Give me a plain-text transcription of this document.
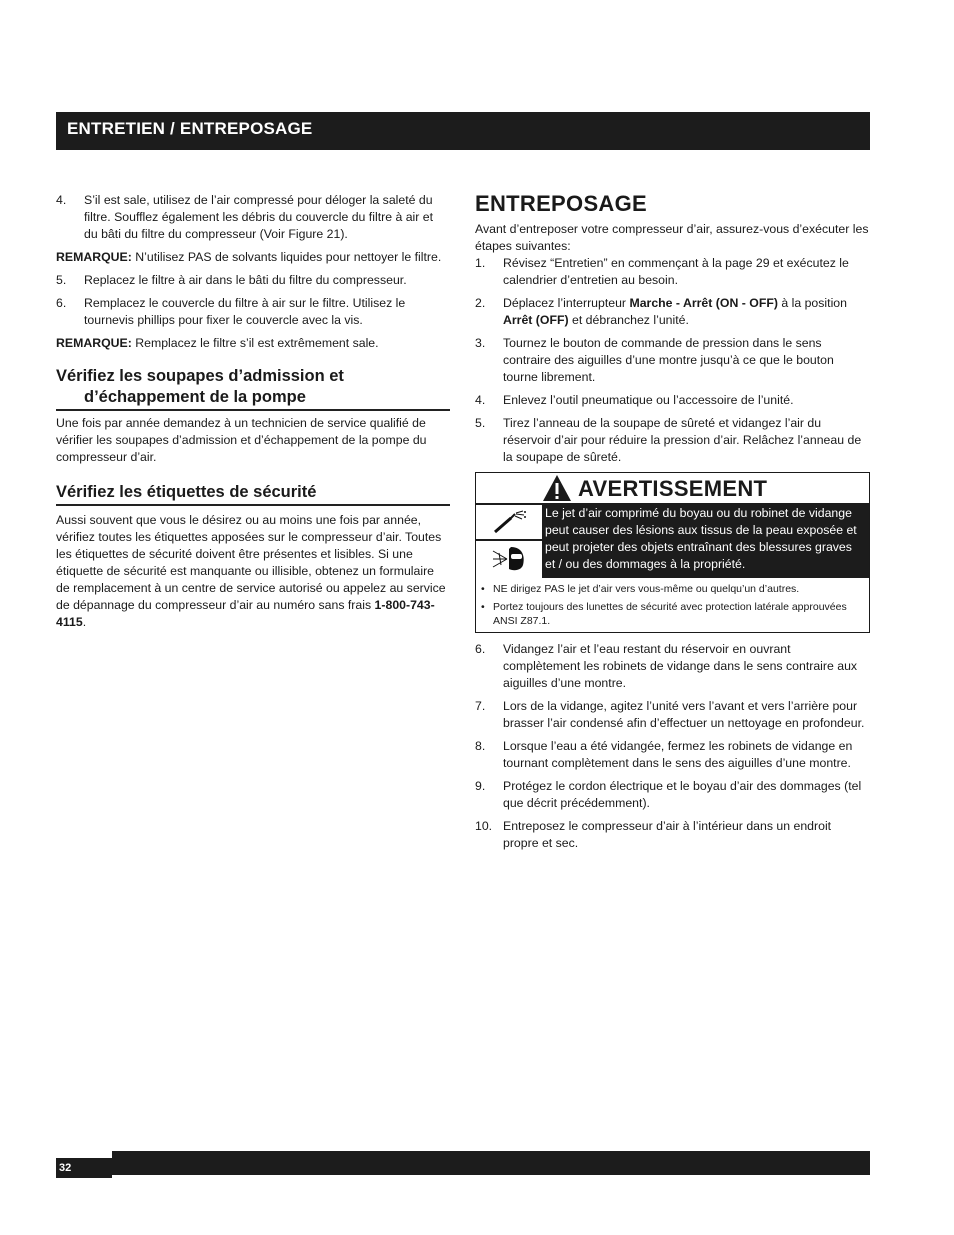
ENTRETIEN / ENTREPOSAGE
4. S’il est sale, utilisez de l’air compressé pour déloger la saleté du filtre. Soufflez également les débris du couvercle du filtre à air et du bâti du filtre du compresseur (Voir Figure 21).

REMARQUE: N’utilisez PAS de solvants liquides pour nettoyer le filtre.

5. Replacez le filtre à air dans le bâti du filtre du compresseur.
6. Remplacez le couvercle du filtre à air sur le filtre. Utilisez le tournevis phillips pour fixer le couvercle avec la vis.

REMARQUE: Remplacez le filtre s’il est extrêmement sale.

Vérifiez les soupapes d’admission et
d’échappement de la pompe

Une fois par année demandez à un technicien de service qualifié de vérifier les soupapes d’admission et d’échappement de la pompe du compresseur d’air.

Vérifiez les étiquettes de sécurité

Aussi souvent que vous le désirez ou au moins une fois par année, vérifiez toutes les étiquettes apposées sur le compresseur d’air. Toutes les étiquettes de sécurité doivent être présentes et lisibles. Si une étiquette de sécurité est manquante ou illisible, obtenez un formulaire de remplacement à un centre de service autorisé ou appelez au service de dépannage du compresseur d’air au numéro sans frais 1-800-743-4115.

ENTREPOSAGE

Avant d’entreposer votre compresseur d’air, assurez-vous d’exécuter les étapes suivantes:

1. Révisez “Entretien” en commençant à la page 29 et exécutez le calendrier d’entretien au besoin.
2. Déplacez l’interrupteur Marche - Arrêt (ON - OFF) à la position Arrêt (OFF) et débranchez l’unité.
3. Tournez le bouton de commande de pression dans le sens contraire des aiguilles d’une montre jusqu’à ce que le bouton tourne librement.
4. Enlevez l’outil pneumatique ou l’accessoire de l’unité.
5. Tirez l’anneau de la soupape de sûreté et vidangez l’air du réservoir d’air pour réduire la pression d’air. Relâchez l’anneau de la soupape de sûreté.
AVERTISSEMENT
Le jet d’air comprimé du boyau ou du robinet de vidange peut causer des lésions aux tissus de la peau exposée et peut projeter des objets entraînant des blessures graves et / ou des dommages à la propriété.
• NE dirigez PAS le jet d’air vers vous-même ou quelqu’un d’autres.
• Portez toujours des lunettes de sécurité avec protection latérale approuvées ANSI Z87.1.
6. Vidangez l’air et l’eau restant du réservoir en ouvrant complètement les robinets de vidange dans le sens contraire aux aiguilles d’une montre.
7. Lors de la vidange, agitez l’unité vers l’avant et vers l’arrière pour brasser l’air condensé afin d’effectuer un nettoyage en profondeur.
8. Lorsque l’eau a été vidangée, fermez les robinets de vidange en tournant complètement dans le sens des aiguilles d’une montre.
9. Protégez le cordon électrique et le boyau d’air des dommages (tel que décrit précédemment).
10. Entreposez le compresseur d’air à l’intérieur dans un endroit propre et sec.
32
